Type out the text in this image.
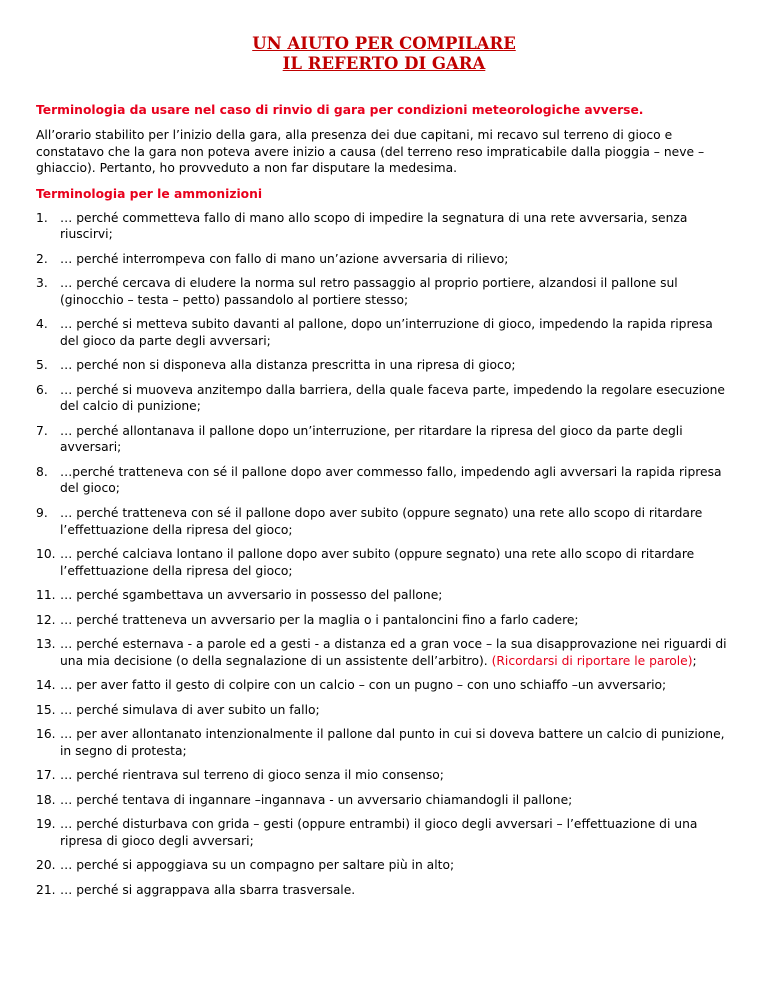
UN AIUTO PER COMPILARE
IL REFERTO DI GARA

Terminologia da usare nel caso di rinvio di gara per condizioni meteorologiche avverse.

All’orario stabilito per l’inizio della gara, alla presenza dei due capitani, mi recavo sul terreno di gioco e constatavo che la gara non poteva avere inizio a causa (del terreno reso impraticabile dalla pioggia – neve – ghiaccio). Pertanto, ho provveduto a non far disputare la medesima.

Terminologia per le ammonizioni

1. … perché commetteva fallo di mano allo scopo di impedire la segnatura di una rete avversaria, senza riuscirvi;
2. … perché interrompeva con fallo di mano un’azione avversaria di rilievo;
3. … perché cercava di eludere la norma sul retro passaggio al proprio portiere, alzandosi il pallone sul (ginocchio – testa – petto) passandolo al portiere stesso;
4. … perché si metteva subito davanti al pallone, dopo un’interruzione di gioco, impedendo la rapida ripresa del gioco da parte degli avversari;
5. … perché non si disponeva alla distanza prescritta in una ripresa di gioco;
6. … perché si muoveva anzitempo dalla barriera, della quale faceva parte, impedendo la regolare esecuzione del calcio di punizione;
7. … perché allontanava il pallone dopo un’interruzione, per ritardare la ripresa del gioco da parte degli avversari;
8. …perché tratteneva con sé il pallone dopo aver commesso fallo, impedendo agli avversari la rapida ripresa del gioco;
9. … perché tratteneva con sé il pallone dopo aver subito (oppure segnato) una rete allo scopo di ritardare l’effettuazione della ripresa del gioco;
10. … perché calciava lontano il pallone dopo aver subito (oppure segnato) una rete allo scopo di ritardare l’effettuazione della ripresa del gioco;
11. … perché sgambettava un avversario in possesso del pallone;
12. … perché tratteneva un avversario per la maglia o i pantaloncini fino a farlo cadere;
13. … perché esternava - a parole ed a gesti - a distanza ed a gran voce – la sua disapprovazione nei riguardi di una mia decisione (o della segnalazione di un assistente dell’arbitro). (Ricordarsi di riportare le parole);
14. … per aver fatto il gesto di colpire con un calcio – con un pugno – con uno schiaffo –un avversario;
15. … perché simulava di aver subito un fallo;
16. … per aver allontanato intenzionalmente il pallone dal punto in cui si doveva battere un calcio di punizione, in segno di protesta;
17. … perché rientrava sul terreno di gioco senza il mio consenso;
18. … perché tentava di ingannare –ingannava - un avversario chiamandogli il pallone;
19. … perché disturbava con grida – gesti (oppure entrambi) il gioco degli avversari – l’effettuazione di una ripresa di gioco degli avversari;
20. … perché si appoggiava su un compagno per saltare più in alto;
21. … perché si aggrappava alla sbarra trasversale.
